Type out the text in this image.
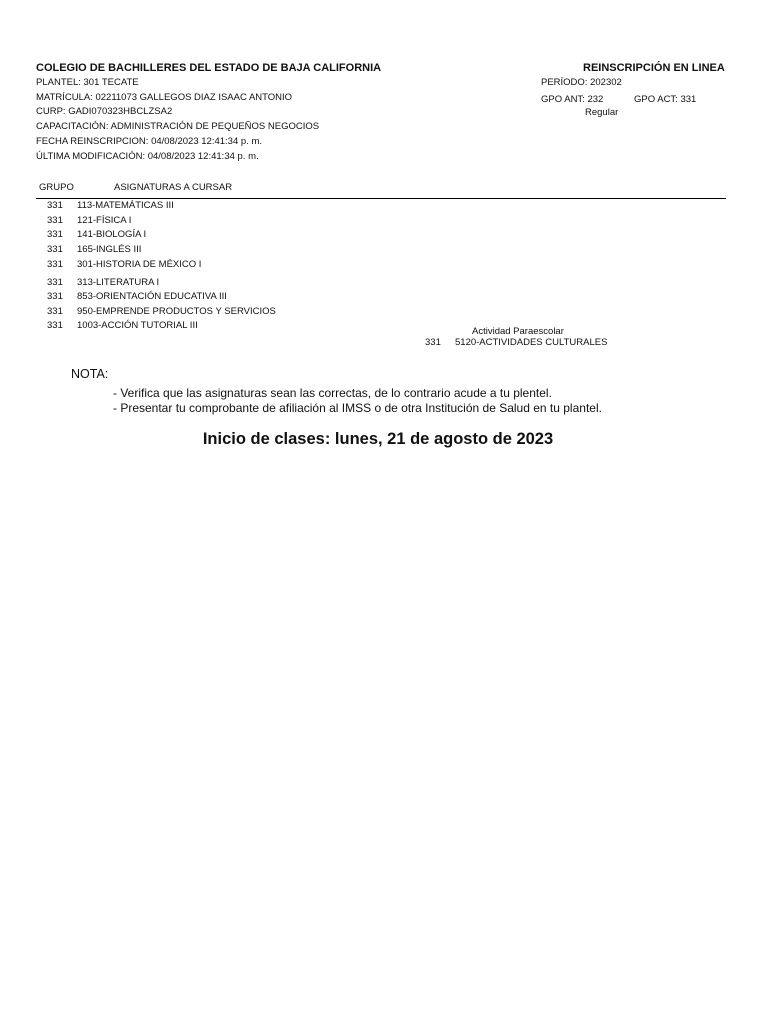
COLEGIO DE BACHILLERES DEL ESTADO DE BAJA CALIFORNIA	REINSCRIPCIÓN EN LINEA
PLANTEL: 301 TECATE
MATRÍCULA: 02211073 GALLEGOS DIAZ ISAAC ANTONIO
CURP: GADI070323HBCLZSA2
CAPACITACIÓN: ADMINISTRACIÓN DE PEQUEÑOS NEGOCIOS
FECHA REINSCRIPCION: 04/08/2023 12:41:34 p. m.
ÚLTIMA MODIFICACIÓN: 04/08/2023 12:41:34 p. m.
PERÍODO: 202302
GPO ANT: 232	GPO ACT: 331
Regular
GRUPO	ASIGNATURAS A CURSAR
331 113-MATEMÁTICAS III
331 121-FÍSICA I
331 141-BIOLOGÍA I
331 165-INGLÉS III
331 301-HISTORIA DE MÉXICO I
331 313-LITERATURA I
331 853-ORIENTACIÓN EDUCATIVA III
331 950-EMPRENDE PRODUCTOS Y SERVICIOS
331 1003-ACCIÓN TUTORIAL III
Actividad Paraescolar
331 5120-ACTIVIDADES CULTURALES
NOTA:
- Verifica que las asignaturas sean las correctas, de lo contrario acude a tu plentel.
- Presentar tu comprobante de afiliación al IMSS o de otra Institución de Salud en tu plantel.
Inicio de clases: lunes, 21 de agosto de 2023
